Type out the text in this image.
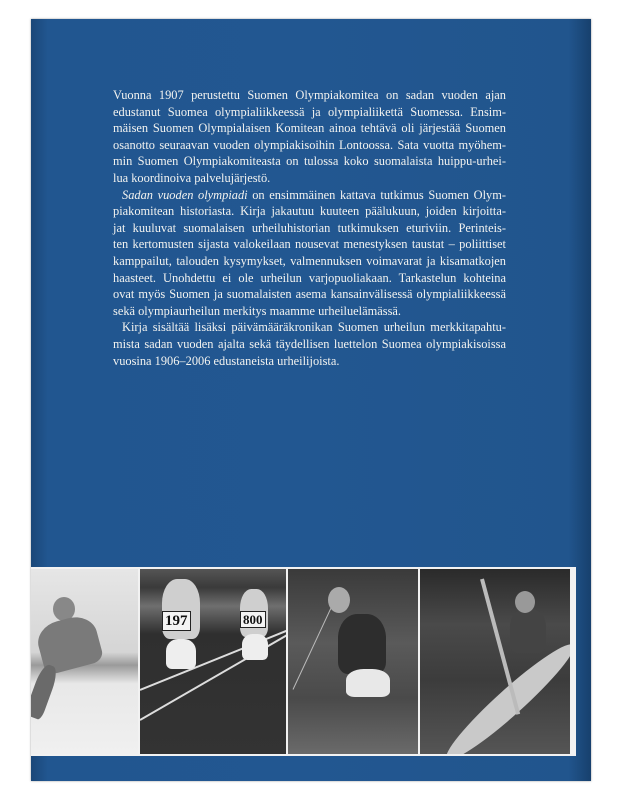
Vuonna 1907 perustettu Suomen Olympiakomitea on sadan vuoden ajan
edustanut Suomea olympialiikkeessä ja olympialiikettä Suomessa. Ensim-
mäisen Suomen Olympialaisen Komitean ainoa tehtävä oli järjestää Suomen
osanotto seuraavan vuoden olympiakisoihin Lontoossa. Sata vuotta myöhem-
min Suomen Olympiakomiteasta on tulossa koko suomalaista huippu-urhei-
lua koordinoiva palvelujärjestö.
Sadan vuoden olympiadi on ensimmäinen kattava tutkimus Suomen Olym-
piakomitean historiasta. Kirja jakautuu kuuteen päälukuun, joiden kirjoitta-
jat kuuluvat suomalaisen urheiluhistorian tutkimuksen eturiviin. Perinteis-
ten kertomusten sijasta valokeilaan nousevat menestyksen taustat – poliittiset
kamppailut, talouden kysymykset, valmennuksen voimavarat ja kisamatkojen
haasteet. Unohdettu ei ole urheilun varjopuoliakaan. Tarkastelun kohteina
ovat myös Suomen ja suomalaisten asema kansainvälisessä olympialiikkeessä
sekä olympiaurheilun merkitys maamme urheiluelämässä.
Kirja sisältää lisäksi päivämääräkronikan Suomen urheilun merkkitapahtu-
mista sadan vuoden ajalta sekä täydellisen luettelon Suomea olympiakisoissa
vuosina 1906–2006 edustaneista urheilijoista.
197	800
